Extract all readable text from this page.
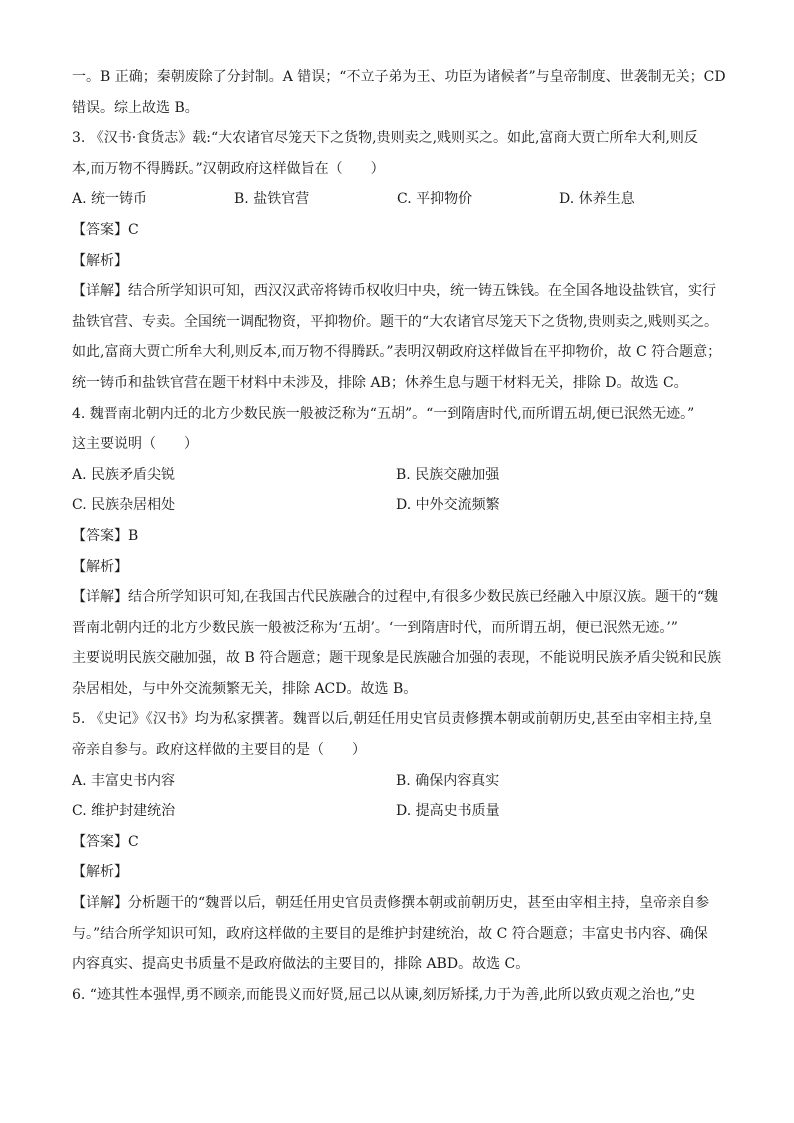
一。B 正确；秦朝废除了分封制。A 错误；“不立子弟为王、功臣为诸候者”与皇帝制度、世袭制无关；CD
错误。综上故选 B。
3. 《汉书·食货志》载:“大农诸官尽笼天下之货物,贵则卖之,贱则买之。如此,富商大贾亡所牟大利,则反
本,而万物不得腾跃。”汉朝政府这样做旨在（　　）
A. 统一铸币	B. 盐铁官营	C. 平抑物价	D. 休养生息
【答案】C
【解析】
【详解】结合所学知识可知，西汉汉武帝将铸币权收归中央，统一铸五铢钱。在全国各地设盐铁官，实行
盐铁官营、专卖。全国统一调配物资，平抑物价。题干的“大农诸官尽笼天下之货物,贵则卖之,贱则买之。
如此,富商大贾亡所牟大利,则反本,而万物不得腾跃。”表明汉朝政府这样做旨在平抑物价，故 C 符合题意；
统一铸币和盐铁官营在题干材料中未涉及，排除 AB；休养生息与题干材料无关，排除 D。故选 C。
4. 魏晋南北朝内迁的北方少数民族一般被泛称为“五胡”。“一到隋唐时代,而所谓五胡,便已泯然无迹。”
这主要说明（　　）
A. 民族矛盾尖锐	B. 民族交融加强
C. 民族杂居相处	D. 中外交流频繁
【答案】B
【解析】
【详解】结合所学知识可知,在我国古代民族融合的过程中,有很多少数民族已经融入中原汉族。题干的“魏
晋南北朝内迁的北方少数民族一般被泛称为‘五胡’。‘一到隋唐时代，而所谓五胡，便已泯然无迹。’”
主要说明民族交融加强，故 B 符合题意；题干现象是民族融合加强的表现，不能说明民族矛盾尖锐和民族
杂居相处，与中外交流频繁无关，排除 ACD。故选 B。
5. 《史记》《汉书》均为私家撰著。魏晋以后,朝廷任用史官员责修撰本朝或前朝历史,甚至由宰相主持,皇
帝亲自参与。政府这样做的主要目的是（　　）
A. 丰富史书内容	B. 确保内容真实
C. 维护封建统治	D. 提高史书质量
【答案】C
【解析】
【详解】分析题干的“魏晋以后，朝廷任用史官员责修撰本朝或前朝历史，甚至由宰相主持，皇帝亲自参
与。”结合所学知识可知，政府这样做的主要目的是维护封建统治，故 C 符合题意；丰富史书内容、确保
内容真实、提高史书质量不是政府做法的主要目的，排除 ABD。故选 C。
6. “迹其性本强悍,勇不顾亲,而能畏义而好贤,屈己以从谏,刻厉矫揉,力于为善,此所以致贞观之治也,”史
